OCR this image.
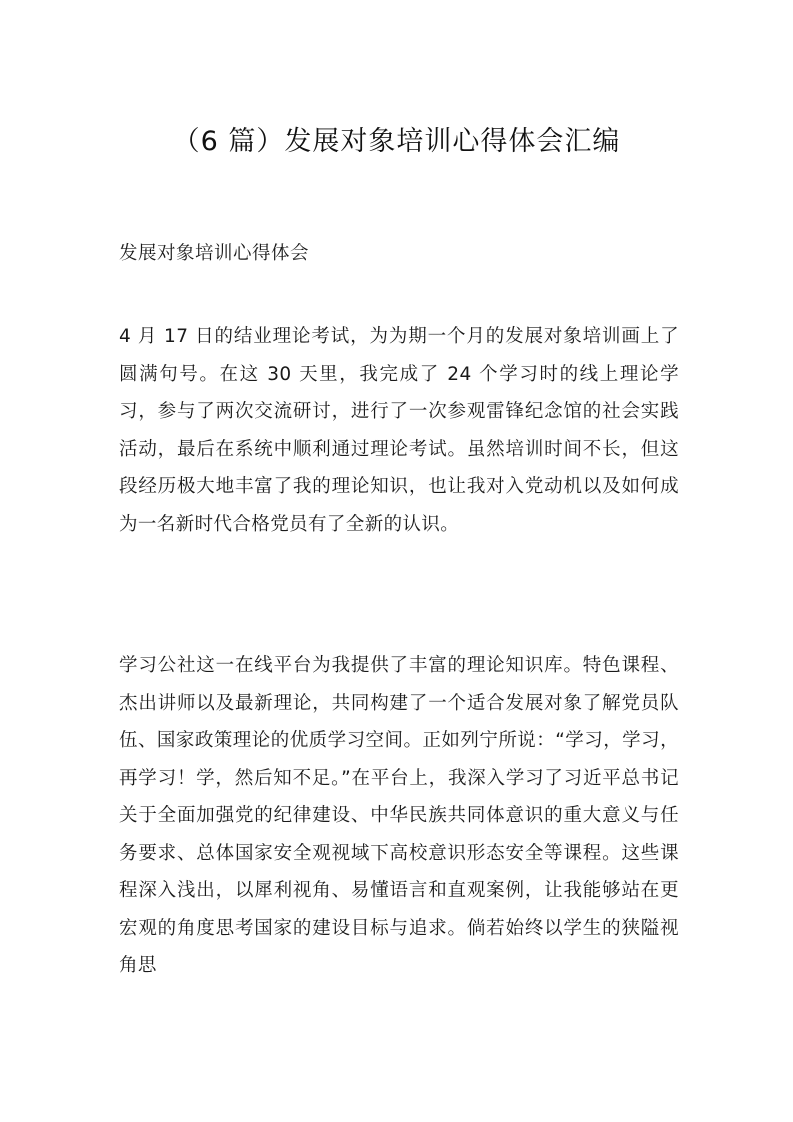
（6 篇）发展对象培训心得体会汇编

发展对象培训心得体会

4 月 17 日的结业理论考试，为为期一个月的发展对象培训画上了圆满句号。在这 30 天里，我完成了 24 个学习时的线上理论学习，参与了两次交流研讨，进行了一次参观雷锋纪念馆的社会实践活动，最后在系统中顺利通过理论考试。虽然培训时间不长，但这段经历极大地丰富了我的理论知识，也让我对入党动机以及如何成为一名新时代合格党员有了全新的认识。

学习公社这一在线平台为我提供了丰富的理论知识库。特色课程、杰出讲师以及最新理论，共同构建了一个适合发展对象了解党员队伍、国家政策理论的优质学习空间。正如列宁所说：“学习，学习，再学习！学，然后知不足。”在平台上，我深入学习了习近平总书记关于全面加强党的纪律建设、中华民族共同体意识的重大意义与任务要求、总体国家安全观视域下高校意识形态安全等课程。这些课程深入浅出，以犀利视角、易懂语言和直观案例，让我能够站在更宏观的角度思考国家的建设目标与追求。倘若始终以学生的狭隘视角思
